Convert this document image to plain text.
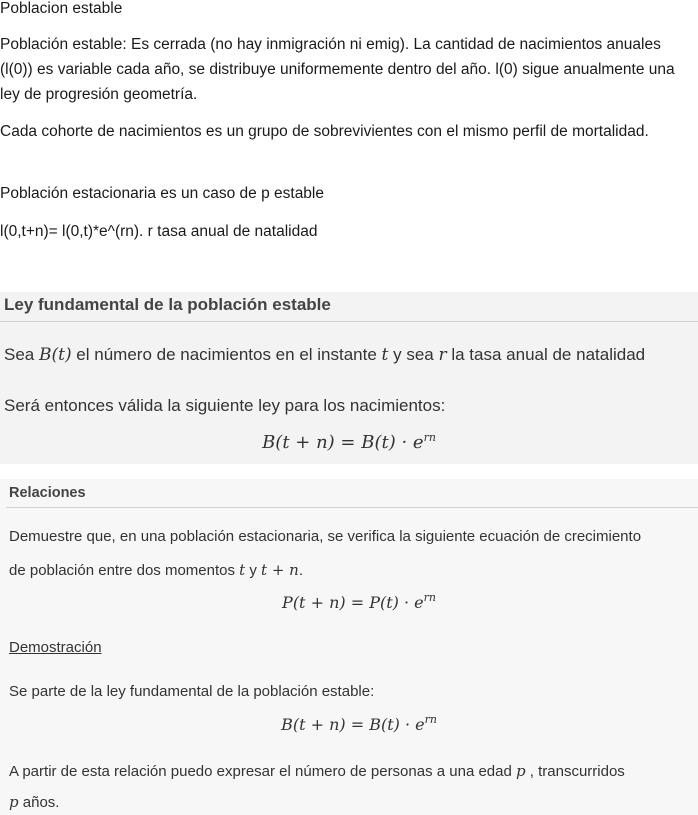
Poblacion estable

Población estable: Es cerrada (no hay inmigración ni emig). La cantidad de nacimientos anuales (l(0)) es variable cada año, se distribuye uniformemente dentro del año. l(0) sigue anualmente una ley de progresión geometría.

Cada cohorte de nacimientos es un grupo de sobrevivientes con el mismo perfil de mortalidad.

Población estacionaria es un caso de p estable

l(0,t+n)= l(0,t)*e^(rn). r tasa anual de natalidad

Ley fundamental de la población estable
Sea B(t) el número de nacimientos en el instante t y sea r la tasa anual de natalidad
Será entonces válida la siguiente ley para los nacimientos:
$B(t + n) = B(t) \cdot e^{rn}$
Relaciones
Demuestre que, en una población estacionaria, se verifica la siguiente ecuación de crecimiento
de población entre dos momentos t y t + n.
$P(t + n) = P(t) \cdot e^{rn}$
Demostración
Se parte de la ley fundamental de la población estable:
$B(t + n) = B(t) \cdot e^{rn}$
A partir de esta relación puedo expresar el número de personas a una edad p , transcurridos
p años.
